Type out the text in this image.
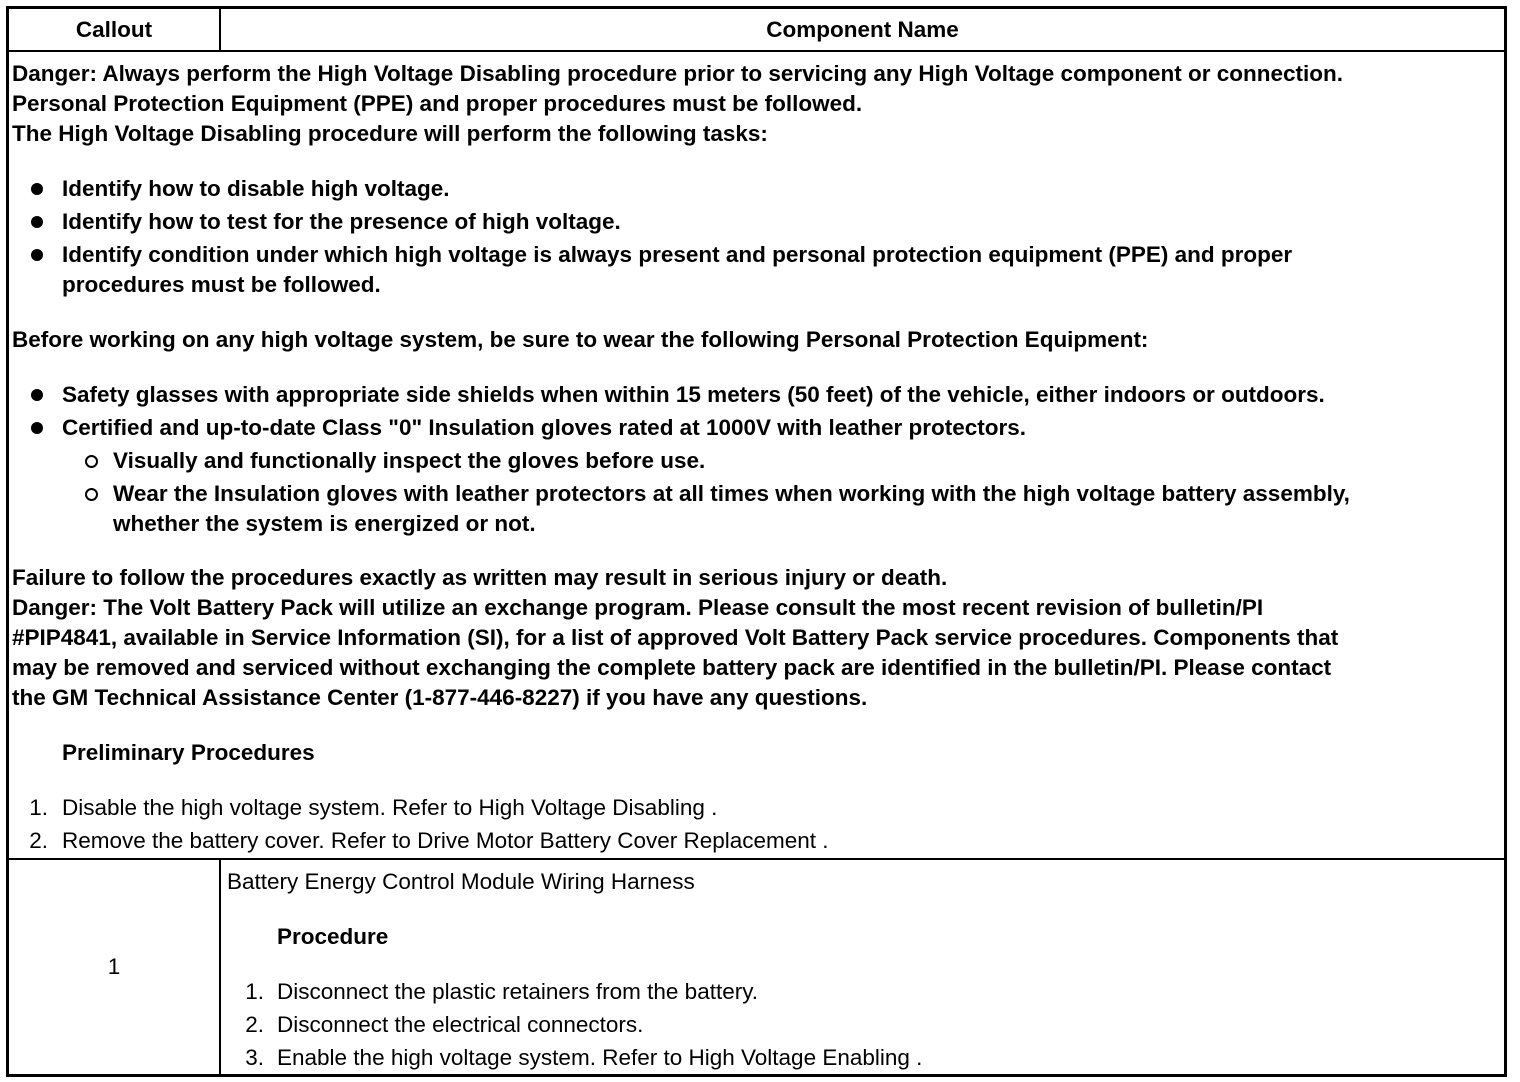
Callout	Component Name
Danger: Always perform the High Voltage Disabling procedure prior to servicing any High Voltage component or connection.
Personal Protection Equipment (PPE) and proper procedures must be followed.
The High Voltage Disabling procedure will perform the following tasks:
Identify how to disable high voltage.
Identify how to test for the presence of high voltage.
Identify condition under which high voltage is always present and personal protection equipment (PPE) and proper
procedures must be followed.
Before working on any high voltage system, be sure to wear the following Personal Protection Equipment:
Safety glasses with appropriate side shields when within 15 meters (50 feet) of the vehicle, either indoors or outdoors.
Certified and up-to-date Class "0" Insulation gloves rated at 1000V with leather protectors.
Visually and functionally inspect the gloves before use.
Wear the Insulation gloves with leather protectors at all times when working with the high voltage battery assembly,
whether the system is energized or not.
Failure to follow the procedures exactly as written may result in serious injury or death.
Danger: The Volt Battery Pack will utilize an exchange program. Please consult the most recent revision of bulletin/PI
#PIP4841, available in Service Information (SI), for a list of approved Volt Battery Pack service procedures. Components that
may be removed and serviced without exchanging the complete battery pack are identified in the bulletin/PI. Please contact
the GM Technical Assistance Center (1-877-446-8227) if you have any questions.
Preliminary Procedures
1. Disable the high voltage system. Refer to High Voltage Disabling .
2. Remove the battery cover. Refer to Drive Motor Battery Cover Replacement .
1
Battery Energy Control Module Wiring Harness
Procedure
1. Disconnect the plastic retainers from the battery.
2. Disconnect the electrical connectors.
3. Enable the high voltage system. Refer to High Voltage Enabling .
